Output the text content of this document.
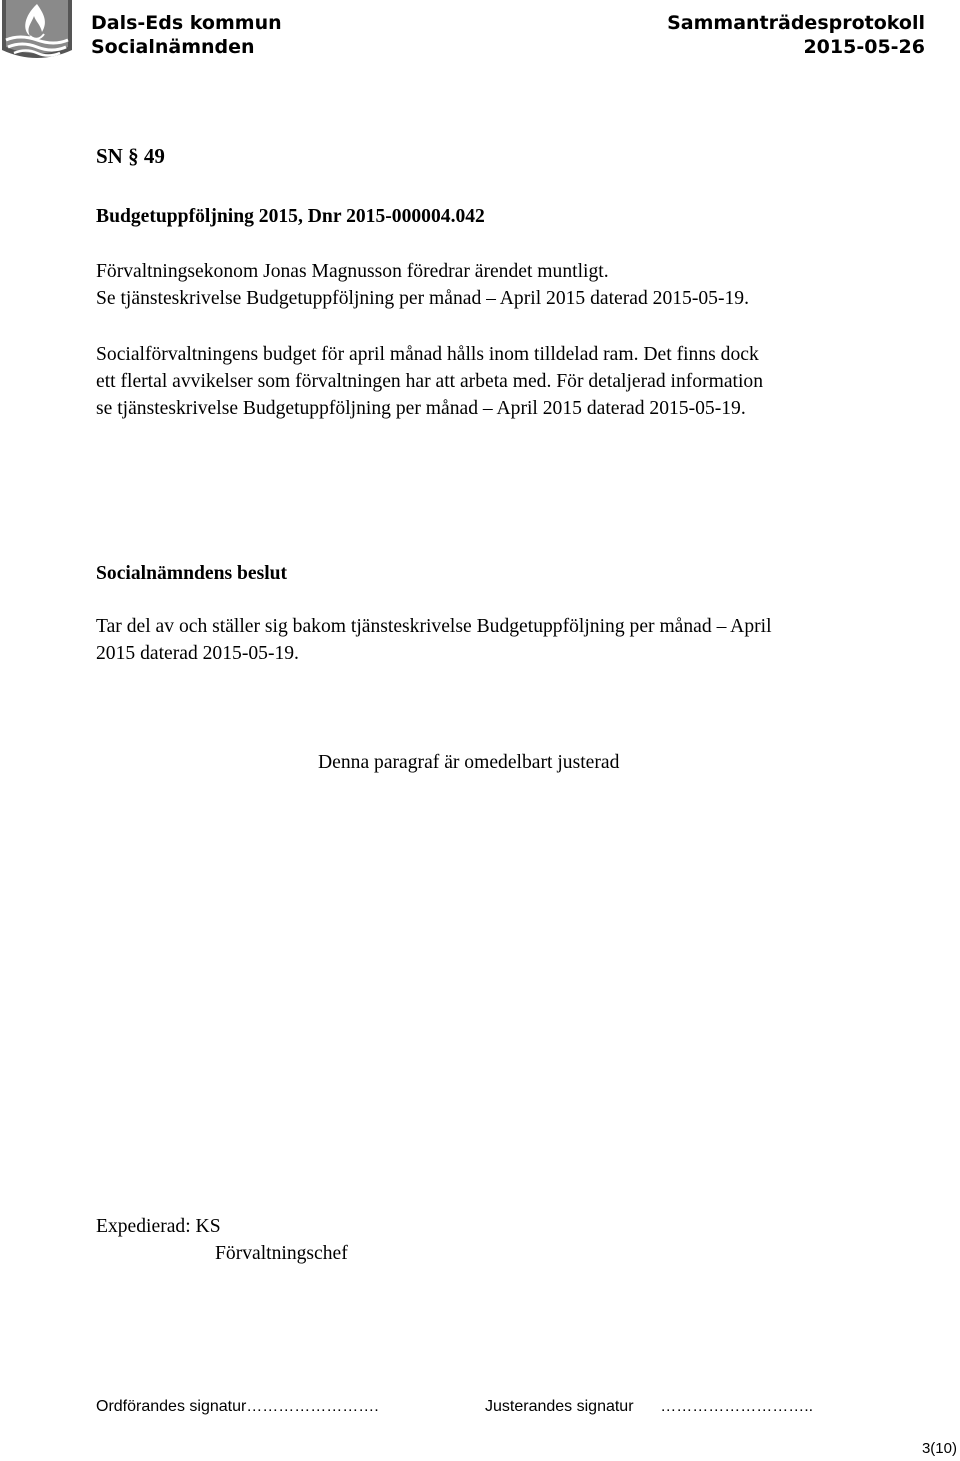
Dals-Eds kommun
Socialnämnden
Sammanträdesprotokoll
2015-05-26
SN § 49
Budgetuppföljning 2015, Dnr 2015-000004.042
Förvaltningsekonom Jonas Magnusson föredrar ärendet muntligt.
Se tjänsteskrivelse Budgetuppföljning per månad – April 2015 daterad 2015-05-19.
Socialförvaltningens budget för april månad hålls inom tilldelad ram. Det finns dock
ett flertal avvikelser som förvaltningen har att arbeta med. För detaljerad information
se tjänsteskrivelse Budgetuppföljning per månad – April 2015 daterad 2015-05-19.
Socialnämndens beslut
Tar del av och ställer sig bakom tjänsteskrivelse Budgetuppföljning per månad – April
2015 daterad 2015-05-19.
Denna paragraf är omedelbart justerad
Expedierad: KS
Förvaltningschef
Ordförandes signatur…………………….	Justerandes signatur      ………………………..
3(10)
